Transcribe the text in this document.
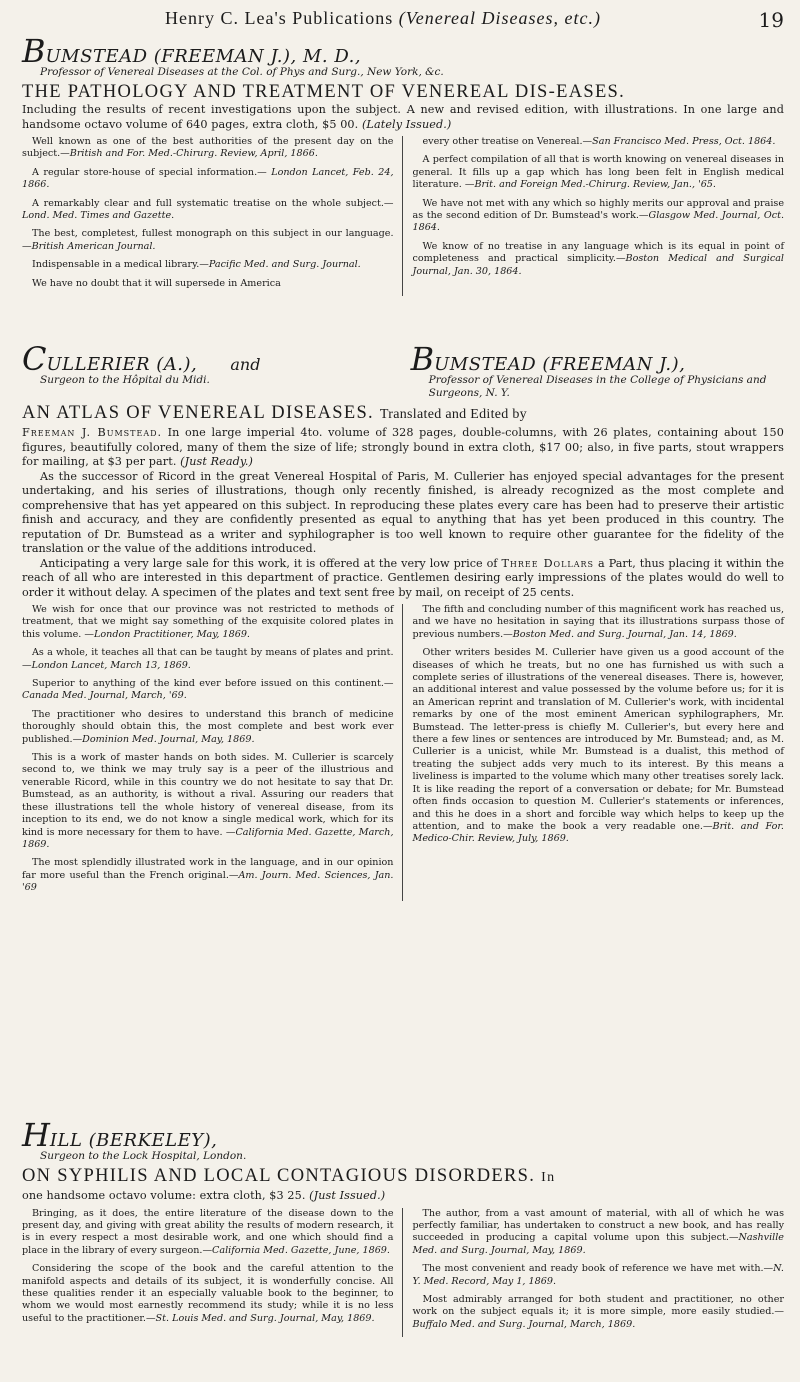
Henry C. Lea's Publications (Venereal Diseases, etc.)	19
BUMSTEAD (FREEMAN J.), M. D.,
Professor of Venereal Diseases at the Col. of Phys and Surg., New York, &c.
THE PATHOLOGY AND TREATMENT OF VENEREAL DIS-EASES.
Including the results of recent investigations upon the subject. A new and revised edition, with illustrations. In one large and handsome octavo volume of 640 pages, extra cloth, $5 00. (Lately Issued.)

Well known as one of the best authorities of the present day on the subject.—British and For. Med.-Chirurg. Review, April, 1866.

A regular store-house of special information.— London Lancet, Feb. 24, 1866.

A remarkably clear and full systematic treatise on the whole subject.—Lond. Med. Times and Gazette.

The best, completest, fullest monograph on this subject in our language.—British American Journal.

Indispensable in a medical library.—Pacific Med. and Surg. Journal.

We have no doubt that it will supersede in America

every other treatise on Venereal.—San Francisco Med. Press, Oct. 1864.

A perfect compilation of all that is worth knowing on venereal diseases in general. It fills up a gap which has long been felt in English medical literature. —Brit. and Foreign Med.-Chirurg. Review, Jan., '65.

We have not met with any which so highly merits our approval and praise as the second edition of Dr. Bumstead's work.—Glasgow Med. Journal, Oct. 1864.

We know of no treatise in any language which is its equal in point of completeness and practical simplicity.—Boston Medical and Surgical Journal, Jan. 30, 1864.

CULLERIER (A.), and
Surgeon to the Hôpital du Midi.
BUMSTEAD (FREEMAN J.),
Professor of Venereal Diseases in the College of Physicians and Surgeons, N. Y.
AN ATLAS OF VENEREAL DISEASES. Translated and Edited by
Freeman J. Bumstead. In one large imperial 4to. volume of 328 pages, double-columns, with 26 plates, containing about 150 figures, beautifully colored, many of them the size of life; strongly bound in extra cloth, $17 00; also, in five parts, stout wrappers for mailing, at $3 per part. (Just Ready.)

As the successor of Ricord in the great Venereal Hospital of Paris, M. Cullerier has enjoyed special advantages for the present undertaking, and his series of illustrations, though only recently finished, is already recognized as the most complete and comprehensive that has yet appeared on this subject. In reproducing these plates every care has been had to preserve their artistic finish and accuracy, and they are confidently presented as equal to anything that has yet been produced in this country. The reputation of Dr. Bumstead as a writer and syphilographer is too well known to require other guarantee for the fidelity of the translation or the value of the additions introduced.

Anticipating a very large sale for this work, it is offered at the very low price of Three Dollars a Part, thus placing it within the reach of all who are interested in this department of practice. Gentlemen desiring early impressions of the plates would do well to order it without delay. A specimen of the plates and text sent free by mail, on receipt of 25 cents.

We wish for once that our province was not restricted to methods of treatment, that we might say something of the exquisite colored plates in this volume. —London Practitioner, May, 1869.

As a whole, it teaches all that can be taught by means of plates and print.—London Lancet, March 13, 1869.

Superior to anything of the kind ever before issued on this continent.—Canada Med. Journal, March, '69.

The practitioner who desires to understand this branch of medicine thoroughly should obtain this, the most complete and best work ever published.—Dominion Med. Journal, May, 1869.

This is a work of master hands on both sides. M. Cullerier is scarcely second to, we think we may truly say is a peer of the illustrious and venerable Ricord, while in this country we do not hesitate to say that Dr. Bumstead, as an authority, is without a rival. Assuring our readers that these illustrations tell the whole history of venereal disease, from its inception to its end, we do not know a single medical work, which for its kind is more necessary for them to have. —California Med. Gazette, March, 1869.

The most splendidly illustrated work in the language, and in our opinion far more useful than the French original.—Am. Journ. Med. Sciences, Jan. '69

The fifth and concluding number of this magnificent work has reached us, and we have no hesitation in saying that its illustrations surpass those of previous numbers.—Boston Med. and Surg. Journal, Jan. 14, 1869.

Other writers besides M. Cullerier have given us a good account of the diseases of which he treats, but no one has furnished us with such a complete series of illustrations of the venereal diseases. There is, however, an additional interest and value possessed by the volume before us; for it is an American reprint and translation of M. Cullerier's work, with incidental remarks by one of the most eminent American syphilographers, Mr. Bumstead. The letter-press is chiefly M. Cullerier's, but every here and there a few lines or sentences are introduced by Mr. Bumstead; and, as M. Cullerier is a unicist, while Mr. Bumstead is a dualist, this method of treating the subject adds very much to its interest. By this means a liveliness is imparted to the volume which many other treatises sorely lack. It is like reading the report of a conversation or debate; for Mr. Bumstead often finds occasion to question M. Cullerier's statements or inferences, and this he does in a short and forcible way which helps to keep up the attention, and to make the book a very readable one.—Brit. and For. Medico-Chir. Review, July, 1869.

HILL (BERKELEY),
Surgeon to the Lock Hospital, London.
ON SYPHILIS AND LOCAL CONTAGIOUS DISORDERS. In
one handsome octavo volume: extra cloth, $3 25. (Just Issued.)

Bringing, as it does, the entire literature of the disease down to the present day, and giving with great ability the results of modern research, it is in every respect a most desirable work, and one which should find a place in the library of every surgeon.—California Med. Gazette, June, 1869.

Considering the scope of the book and the careful attention to the manifold aspects and details of its subject, it is wonderfully concise. All these qualities render it an especially valuable book to the beginner, to whom we would most earnestly recommend its study; while it is no less useful to the practitioner.—St. Louis Med. and Surg. Journal, May, 1869.

The author, from a vast amount of material, with all of which he was perfectly familiar, has undertaken to construct a new book, and has really succeeded in producing a capital volume upon this subject.—Nashville Med. and Surg. Journal, May, 1869.

The most convenient and ready book of reference we have met with.—N. Y. Med. Record, May 1, 1869.

Most admirably arranged for both student and practitioner, no other work on the subject equals it; it is more simple, more easily studied.—Buffalo Med. and Surg. Journal, March, 1869.
